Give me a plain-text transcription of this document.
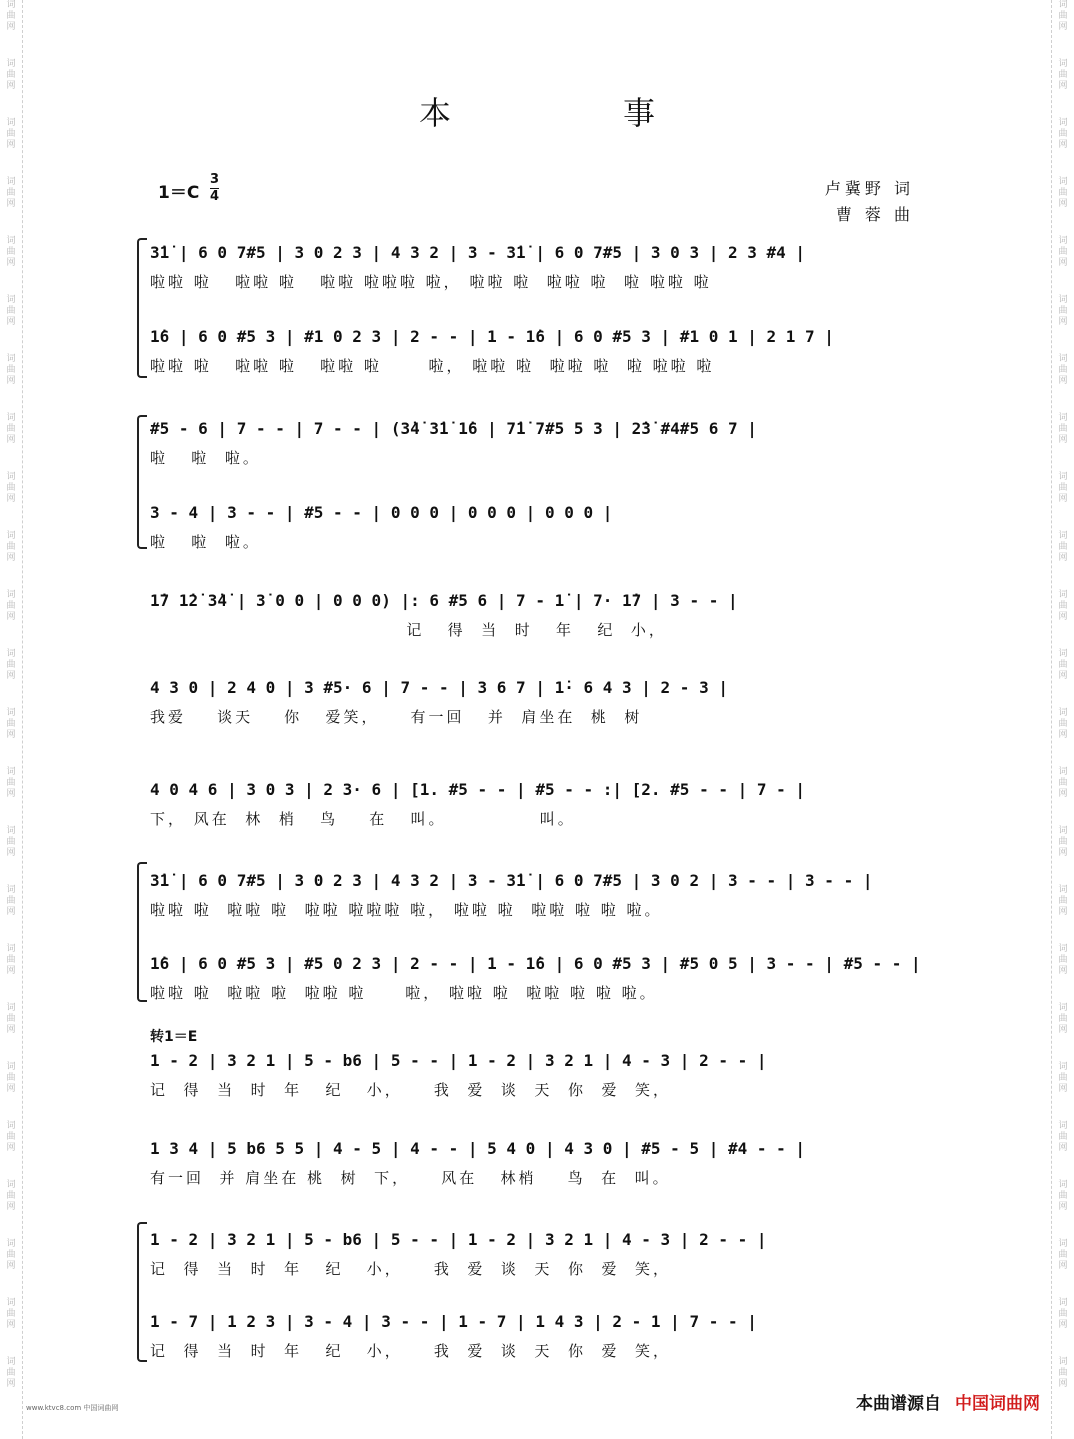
词
曲
网
词
曲
网
词
曲
网
词
曲
网
词
曲
网
词
曲
网
词
曲
网
词
曲
网
词
曲
网
词
曲
网
词
曲
网
词
曲
网
词
曲
网
词
曲
网
词
曲
网
词
曲
网
词
曲
网
词
曲
网
词
曲
网
词
曲
网
词
曲
网
词
曲
网
词
曲
网
词
曲
网
词
曲
网
词
曲
网
词
曲
网
词
曲
网
词
曲
网
词
曲
网
词
曲
网
词
曲
网
词
曲
网
词
曲
网
词
曲
网
词
曲
网
词
曲
网
词
曲
网
词
曲
网
词
曲
网
词
曲
网
词
曲
网
词
曲
网
词
曲
网
词
曲
网
词
曲
网
词
曲
网
词
曲
网
本　事
1＝C
3
4	卢冀野 词
曹 蓉 曲
3̇1̇ | 6 0 7#5 | 3 0 2 3 | 4 3 2 | 3 - 3̇1̇ | 6 0 7#5 | 3 0 3 | 2 3 #4 |
啦啦 啦   啦啦 啦   啦啦 啦啦啦 啦， 啦啦 啦  啦啦 啦  啦 啦啦 啦
1̇6 | 6 0 #5 3 | #1 0 2 3 | 2 - - | 1 - 1̇6 | 6 0 #5 3 | #1 0 1 | 2 1 7 |
啦啦 啦   啦啦 啦   啦啦 啦      啦， 啦啦 啦  啦啦 啦  啦 啦啦 啦
#5 - 6 | 7 - - | 7 - - | (3̇4̇ 3̇1̇ 1̇6 | 7̇1̇ 7#5 5 3 | 2̇3̇ #4#5 6 7 |
啦   啦  啦。
3 - 4 | 3 - - | #5 - - | 0 0 0 | 0 0 0 | 0 0 0 |
啦   啦  啦。
1̇7 1̇2̇ 3̇4̇ | 3̇ 0 0 | 0 0 0) |: 6 #5 6 | 7 - 1̇ | 7· 1̇7 | 3 - - |
记   得  当  时   年   纪  小，
4 3 0 | 2 4 0 | 3 #5· 6 | 7 - - | 3 6 7 | 1̇· 6 4 3 | 2 - 3 |
我爱    谈天    你   爱笑，    有一回   并  肩坐在  桃  树
4 0 4 6 | 3 0 3 | 2 3· 6 | [1. #5 - - | #5 - - :| [2. #5 - - | 7 - |
下， 风在  林  梢   鸟    在   叫。            叫。
3̇1̇ | 6 0 7#5 | 3 0 2 3 | 4 3 2 | 3 - 3̇1̇ | 6 0 7#5 | 3 0 2 | 3 - - | 3 - - |
啦啦 啦  啦啦 啦  啦啦 啦啦啦 啦， 啦啦 啦  啦啦 啦 啦 啦。
1̇6 | 6 0 #5 3 | #5 0 2 3 | 2 - - | 1 - 1̇6 | 6 0 #5 3 | #5 0 5 | 3 - - | #5 - - |
啦啦 啦  啦啦 啦  啦啦 啦     啦， 啦啦 啦  啦啦 啦 啦 啦。
转1＝E
1 - 2 | 3 2 1 | 5 - b6 | 5 - - | 1 - 2 | 3 2 1 | 4 - 3 | 2 - - |
记  得  当  时  年   纪   小，    我  爱  谈  天  你  爱  笑，
1 3 4 | 5 b6 5 5 | 4 - 5 | 4 - - | 5 4 0 | 4 3 0 | #5 - 5 | #4 - - |
有一回  并 肩坐在 桃  树  下，    风在   林梢    鸟  在  叫。
1 - 2 | 3 2 1 | 5 - b6 | 5 - - | 1 - 2 | 3 2 1 | 4 - 3 | 2 - - |
记  得  当  时  年   纪   小，    我  爱  谈  天  你  爱  笑，
1 - 7 | 1 2 3 | 3 - 4 | 3 - - | 1 - 7 | 1 4 3 | 2 - 1 | 7 - - |
记  得  当  时  年   纪   小，    我  爱  谈  天  你  爱  笑，
www.ktvc8.com 中国词曲网	本曲谱源自 中国词曲网
